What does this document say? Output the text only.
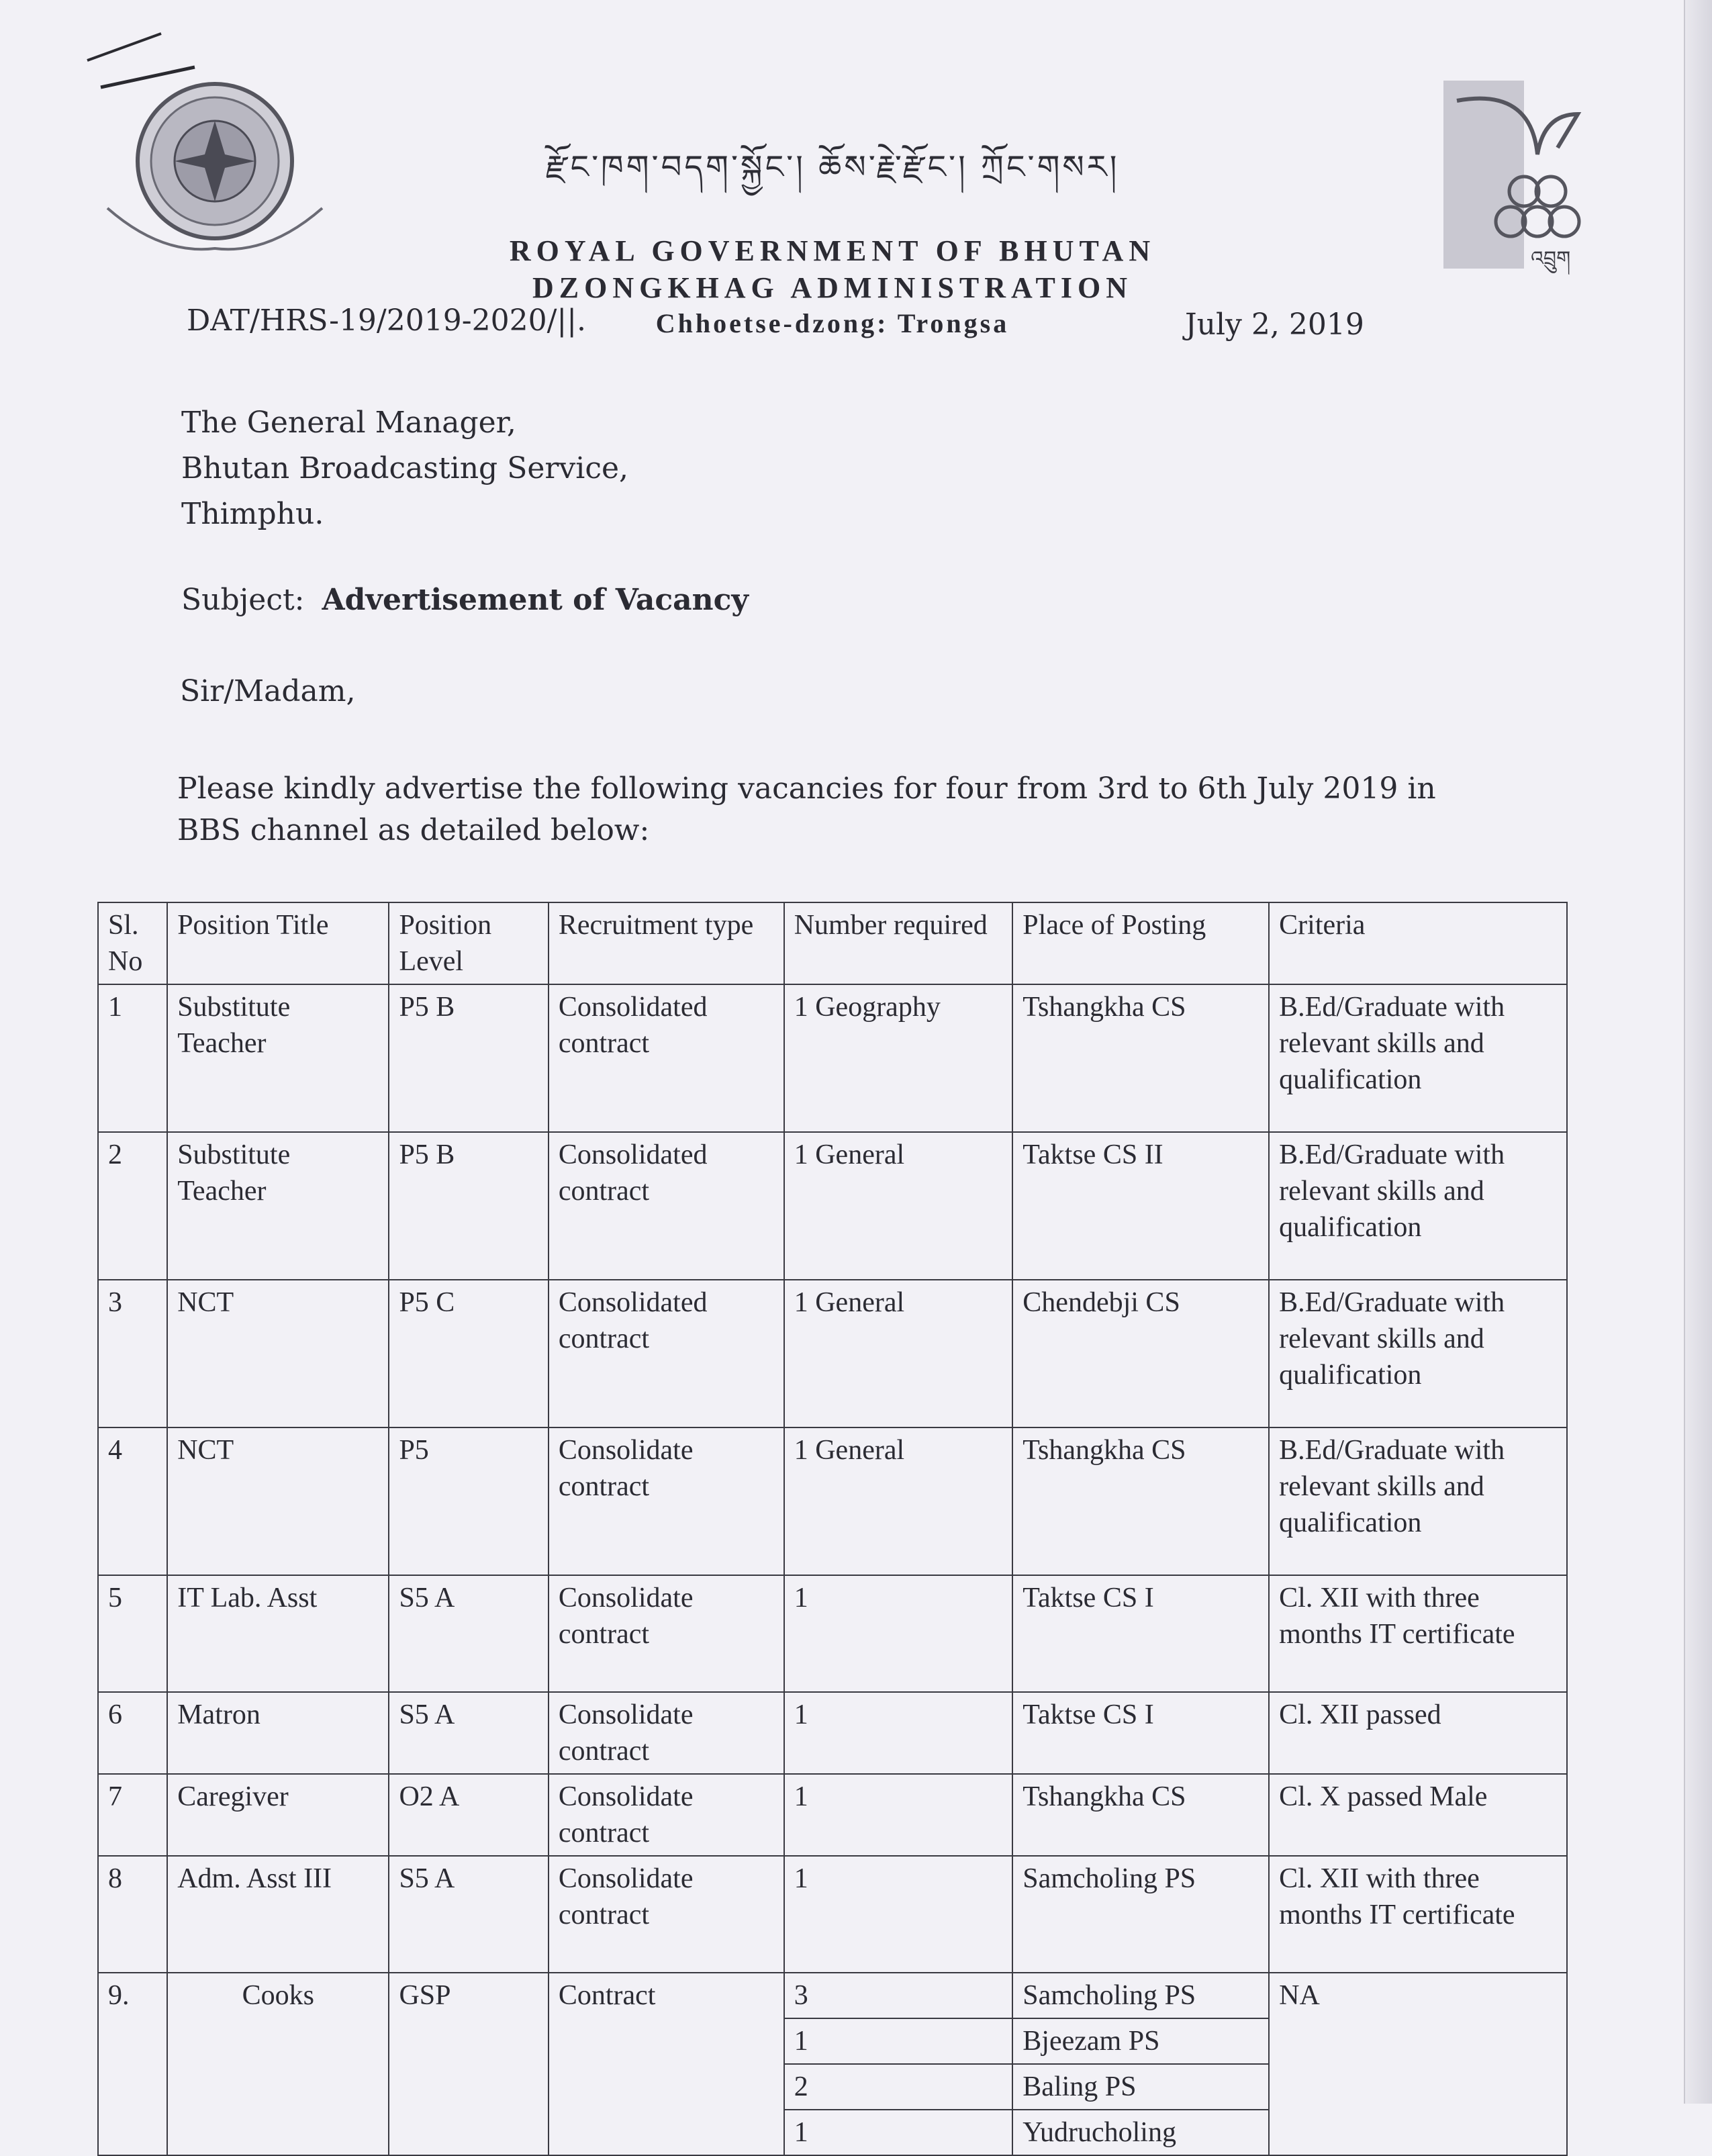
འབྲུག
རྫོང་ཁག་བདག་སྐྱོང་། ཆོས་རྗེ་རྫོང་། ཀྲོང་གསར།
ROYAL GOVERNMENT OF BHUTAN
DZONGKHAG ADMINISTRATION
Chhoetse-dzong: Trongsa
DAT/HRS-19/2019-2020/||.	July 2, 2019
The General Manager,
Bhutan Broadcasting Service,
Thimphu.
Subject: Advertisement of Vacancy
Sir/Madam,
Please kindly advertise the following vacancies for four from 3rd to 6th July 2019 in BBS channel as detailed below:
Sl. No	Position Title	Position Level	Recruitment type	Number required	Place of Posting	Criteria
1	Substitute Teacher	P5 B	Consolidated contract	1 Geography	Tshangkha CS	B.Ed/Graduate with relevant skills and qualification
2	Substitute Teacher	P5 B	Consolidated contract	1 General	Taktse CS II	B.Ed/Graduate with relevant skills and qualification
3	NCT	P5 C	Consolidated contract	1 General	Chendebji CS	B.Ed/Graduate with relevant skills and qualification
4	NCT	P5	Consolidate contract	1 General	Tshangkha CS	B.Ed/Graduate with relevant skills and qualification
5	IT Lab. Asst	S5 A	Consolidate contract	1	Taktse CS I	Cl. XII with three months IT certificate
6	Matron	S5 A	Consolidate contract	1	Taktse CS I	Cl. XII passed
7	Caregiver	O2 A	Consolidate contract	1	Tshangkha CS	Cl. X passed Male
8	Adm. Asst III	S5 A	Consolidate contract	1	Samcholing PS	Cl. XII with three months IT certificate
9.	Cooks	GSP	Contract	3	Samcholing PS	NA
				1	Bjeezam PS	
				2	Baling PS	
				1	Yudrucholing	
